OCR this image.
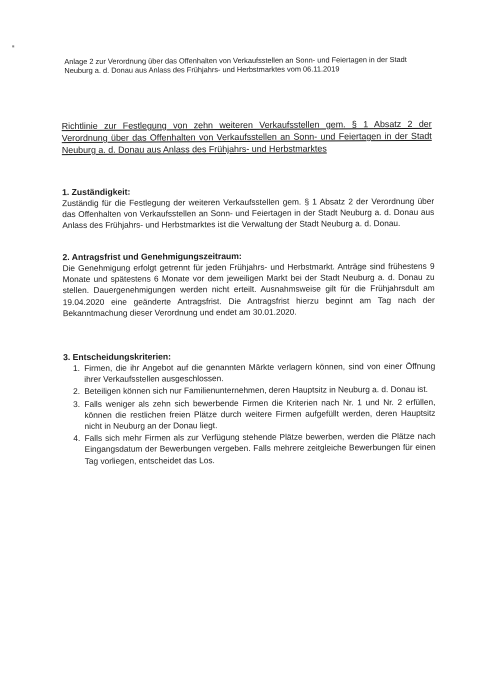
Anlage 2 zur Verordnung über das Offenhalten von Verkaufsstellen an Sonn- und Feiertagen in der Stadt Neuburg a. d. Donau aus Anlass des Frühjahrs- und Herbstmarktes vom 06.11.2019
Richtlinie zur Festlegung von zehn weiteren Verkaufsstellen gem. § 1 Absatz 2 der Verordnung über das Offenhalten von Verkaufsstellen an Sonn- und Feiertagen in der Stadt Neuburg a. d. Donau aus Anlass des Frühjahrs- und Herbstmarktes
1. Zuständigkeit:

Zuständig für die Festlegung der weiteren Verkaufsstellen gem. § 1 Absatz 2 der Verordnung über das Offenhalten von Verkaufsstellen an Sonn- und Feiertagen in der Stadt Neuburg a. d. Donau aus Anlass des Frühjahrs- und Herbstmarktes ist die Verwaltung der Stadt Neuburg a. d. Donau.

2. Antragsfrist und Genehmigungszeitraum:

Die Genehmigung erfolgt getrennt für jeden Frühjahrs- und Herbstmarkt. Anträge sind frühestens 9 Monate und spätestens 6 Monate vor dem jeweiligen Markt bei der Stadt Neuburg a. d. Donau zu stellen. Dauergenehmigungen werden nicht erteilt. Ausnahmsweise gilt für die Frühjahrsdult am 19.04.2020 eine geänderte Antragsfrist. Die Antragsfrist hierzu beginnt am Tag nach der Bekanntmachung dieser Verordnung und endet am 30.01.2020.

3. Entscheidungskriterien:
1. Firmen, die ihr Angebot auf die genannten Märkte verlagern können, sind von einer Öffnung ihrer Verkaufsstellen ausgeschlossen.
2. Beteiligen können sich nur Familienunternehmen, deren Hauptsitz in Neuburg a. d. Donau ist.
3. Falls weniger als zehn sich bewerbende Firmen die Kriterien nach Nr. 1 und Nr. 2 erfüllen, können die restlichen freien Plätze durch weitere Firmen aufgefüllt werden, deren Hauptsitz nicht in Neuburg an der Donau liegt.
4. Falls sich mehr Firmen als zur Verfügung stehende Plätze bewerben, werden die Plätze nach Eingangsdatum der Bewerbungen vergeben. Falls mehrere zeitgleiche Bewerbungen für einen Tag vorliegen, entscheidet das Los.
